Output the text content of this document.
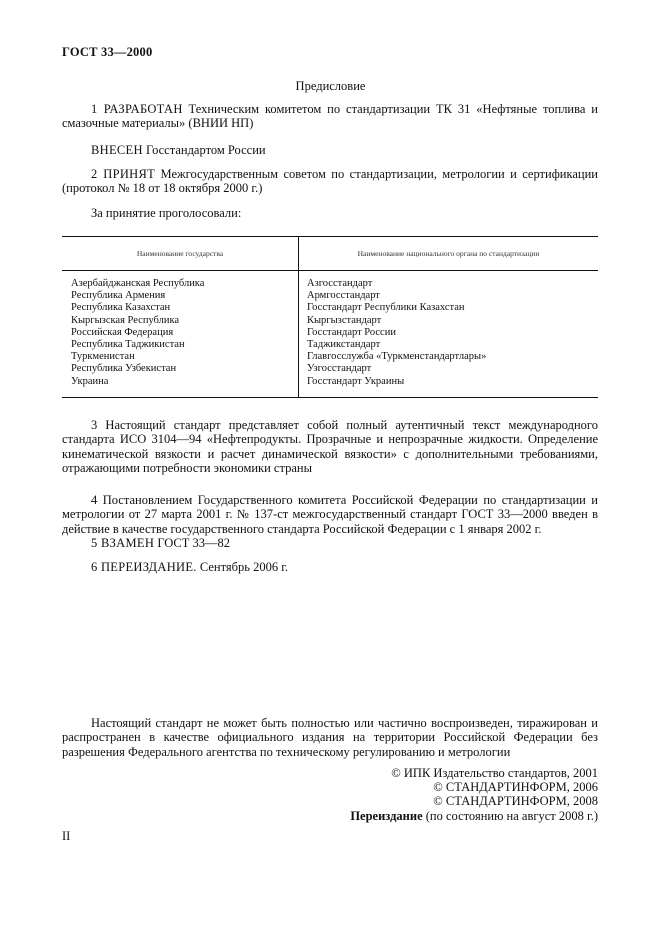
ГОСТ 33—2000
Предисловие
1 РАЗРАБОТАН Техническим комитетом по стандартизации ТК 31 «Нефтяные топлива и смазочные материалы» (ВНИИ НП)
ВНЕСЕН Госстандартом России
2 ПРИНЯТ Межгосударственным советом по стандартизации, метрологии и сертификации (протокол № 18 от 18 октября 2000 г.)
За принятие проголосовали:
Наименование государства	Наименование национального органа по стандартизации
Азербайджанская Республика	Азгосстандарт
Республика Армения	Армгосстандарт
Республика Казахстан	Госстандарт Республики Казахстан
Кыргызская Республика	Кыргызстандарт
Российская Федерация	Госстандарт России
Республика Таджикистан	Таджикстандарт
Туркменистан	Главгосслужба «Туркменстандартлары»
Республика Узбекистан	Узгосстандарт
Украина	Госстандарт Украины
3 Настоящий стандарт представляет собой полный аутентичный текст международного стандарта ИСО 3104—94 «Нефтепродукты. Прозрачные и непрозрачные жидкости. Определение кинематической вязкости и расчет динамической вязкости» с дополнительными требованиями, отражающими потребности экономики страны
4 Постановлением Государственного комитета Российской Федерации по стандартизации и метрологии от 27 марта 2001 г. № 137-ст межгосударственный стандарт ГОСТ 33—2000 введен в действие в качестве государственного стандарта Российской Федерации с 1 января 2002 г.
5 ВЗАМЕН ГОСТ 33—82
6 ПЕРЕИЗДАНИЕ. Сентябрь 2006 г.
Настоящий стандарт не может быть полностью или частично воспроизведен, тиражирован и распространен в качестве официального издания на территории Российской Федерации без разрешения Федерального агентства по техническому регулированию и метрологии
© ИПК Издательство стандартов, 2001
© СТАНДАРТИНФОРМ, 2006
© СТАНДАРТИНФОРМ, 2008
Переиздание (по состоянию на август 2008 г.)
II
